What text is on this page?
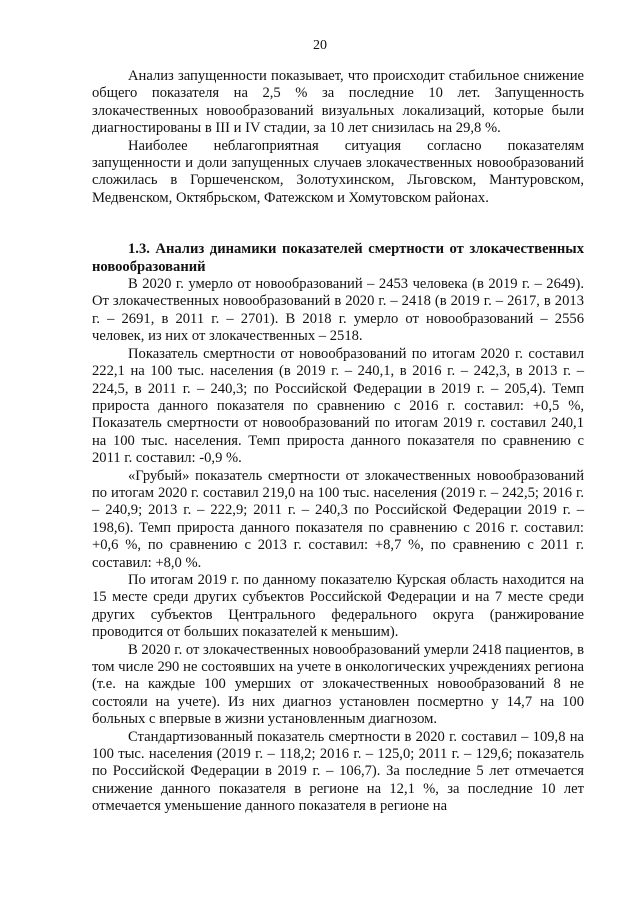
20

Анализ запущенности показывает, что происходит стабильное снижение общего показателя на 2,5 % за последние 10 лет. Запущенность злокачественных новообразований визуальных локализаций, которые были диагностированы в III и IV стадии, за 10 лет снизилась на 29,8 %.

Наиболее неблагоприятная ситуация согласно показателям запущенности и доли запущенных случаев злокачественных новообразований сложилась в Горшеченском, Золотухинском, Льговском, Мантуровском, Медвенском, Октябрьском, Фатежском и Хомутовском районах.

1.3. Анализ динамики показателей смертности от злокачественных новообразований

В 2020 г. умерло от новообразований – 2453 человека (в 2019 г. – 2649). От злокачественных новообразований в 2020 г. – 2418 (в 2019 г. – 2617, в 2013 г. – 2691, в 2011 г. – 2701). В 2018 г. умерло от новообразований – 2556 человек, из них от злокачественных – 2518.

Показатель смертности от новообразований по итогам 2020 г. составил 222,1 на 100 тыс. населения (в 2019 г. – 240,1, в 2016 г. – 242,3, в 2013 г. – 224,5, в 2011 г. – 240,3; по Российской Федерации в 2019 г. – 205,4). Темп прироста данного показателя по сравнению с 2016 г. составил: +0,5 %, Показатель смертности от новообразований по итогам 2019 г. составил 240,1 на 100 тыс. населения. Темп прироста данного показателя по сравнению с 2011 г. составил: -0,9 %.

«Грубый» показатель смертности от злокачественных новообразований по итогам 2020 г. составил 219,0 на 100 тыс. населения (2019 г. – 242,5; 2016 г. – 240,9; 2013 г. – 222,9; 2011 г. – 240,3 по Российской Федерации 2019 г. – 198,6). Темп прироста данного показателя по сравнению с 2016 г. составил: +0,6 %, по сравнению с 2013 г. составил: +8,7 %, по сравнению с 2011 г. составил: +8,0 %.

По итогам 2019 г. по данному показателю Курская область находится на 15 месте среди других субъектов Российской Федерации и на 7 месте среди других субъектов Центрального федерального округа (ранжирование проводится от больших показателей к меньшим).

В 2020 г. от злокачественных новообразований умерли 2418 пациентов, в том числе 290 не состоявших на учете в онкологических учреждениях региона (т.е. на каждые 100 умерших от злокачественных новообразований 8 не состояли на учете). Из них диагноз установлен посмертно у 14,7 на 100 больных с впервые в жизни установленным диагнозом.

Стандартизованный показатель смертности в 2020 г. составил – 109,8 на 100 тыс. населения (2019 г. – 118,2; 2016 г. – 125,0; 2011 г. – 129,6; показатель по Российской Федерации в 2019 г. – 106,7). За последние 5 лет отмечается снижение данного показателя в регионе на 12,1 %, за последние 10 лет отмечается уменьшение данного показателя в регионе на
